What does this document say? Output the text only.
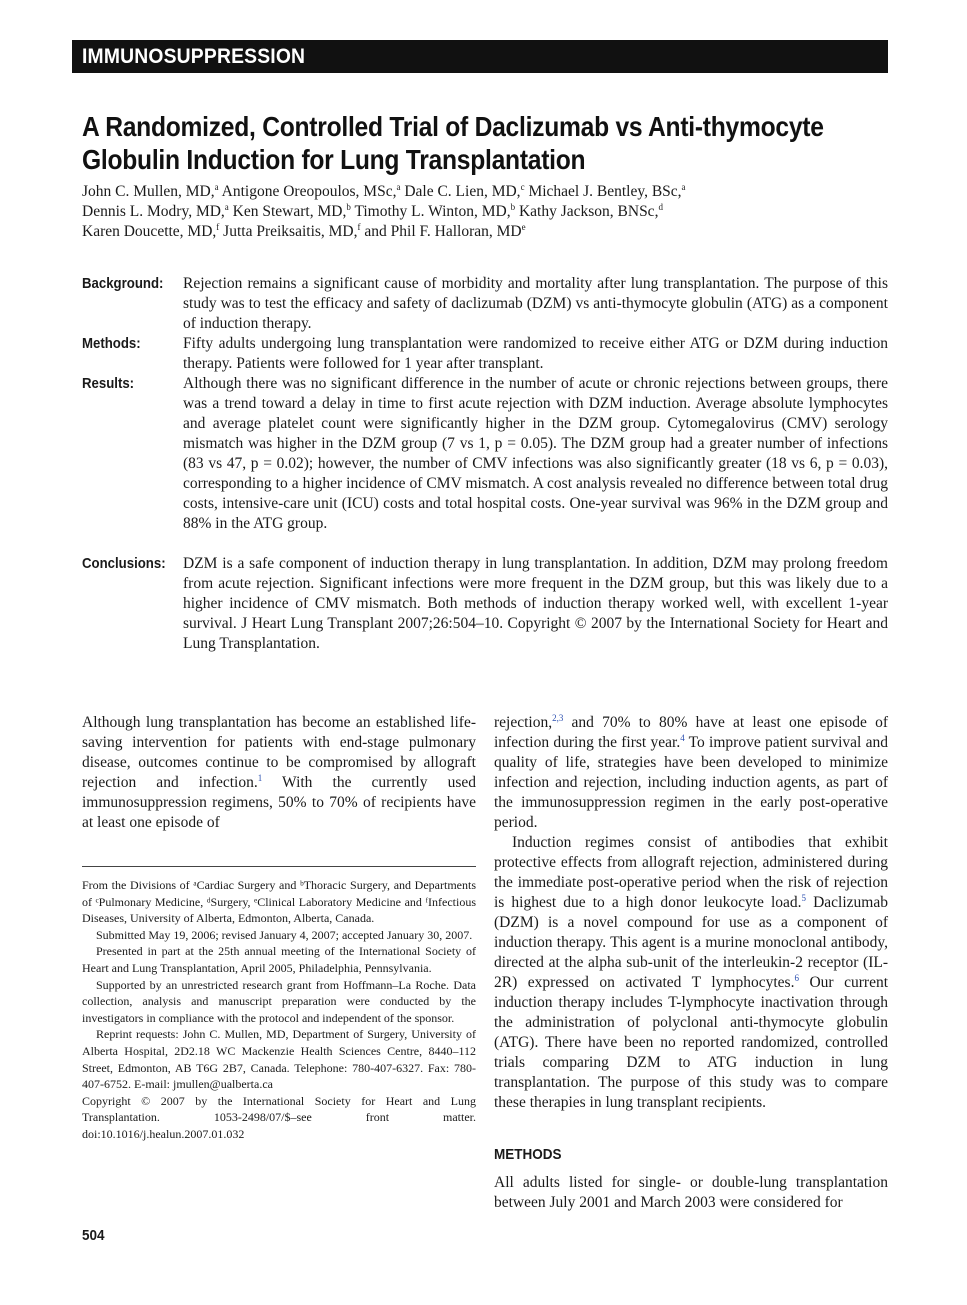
IMMUNOSUPPRESSION
A Randomized, Controlled Trial of Daclizumab vs Anti-thymocyte
Globulin Induction for Lung Transplantation
John C. Mullen, MD,$^a$ Antigone Oreopoulos, MSc,$^a$ Dale C. Lien, MD,$^c$ Michael J. Bentley, BSc,$^a$
Dennis L. Modry, MD,$^a$ Ken Stewart, MD,$^b$ Timothy L. Winton, MD,$^b$ Kathy Jackson, BNSc,$^d$
Karen Doucette, MD,$^f$ Jutta Preiksaitis, MD,$^f$ and Phil F. Halloran, MDe
Background: Rejection remains a significant cause of morbidity and mortality after lung transplantation. The purpose of this study was to test the efficacy and safety of daclizumab (DZM) vs anti-thymocyte globulin (ATG) as a component of induction therapy.
Methods:	Fifty adults undergoing lung transplantation were randomized to receive either ATG or DZM during induction therapy. Patients were followed for 1 year after transplant.
Results:	Although there was no significant difference in the number of acute or chronic rejections between groups, there was a trend toward a delay in time to first acute rejection with DZM induction. Average absolute lymphocytes and average platelet count were significantly higher in the DZM group. Cytomegalovirus (CMV) serology mismatch was higher in the DZM group (7 vs 1, p = 0.05). The DZM group had a greater number of infections (83 vs 47, p = 0.02); however, the number of CMV infections was also significantly greater (18 vs 6, p = 0.03), corresponding to a higher incidence of CMV mismatch. A cost analysis revealed no difference between total drug costs, intensive-care unit (ICU) costs and total hospital costs. One-year survival was 96% in the DZM group and 88% in the ATG group.
Conclusions: DZM is a safe component of induction therapy in lung transplantation. In addition, DZM may prolong freedom from acute rejection. Significant infections were more frequent in the DZM group, but this was likely due to a higher incidence of CMV mismatch. Both methods of induction therapy worked well, with excellent 1-year survival. J Heart Lung Transplant 2007;26:504–10. Copyright © 2007 by the International Society for Heart and Lung Transplantation.

Although lung transplantation has become an established life-saving intervention for patients with end-stage pulmonary disease, outcomes continue to be compromised by allograft rejection and infection.$^1$ With the currently used immunosuppression regimens, 50% to 70% of recipients have at least one episode of

From the Divisions of ᵃCardiac Surgery and ᵇThoracic Surgery, and Departments of ᶜPulmonary Medicine, ᵈSurgery, ᵉClinical Laboratory Medicine and ᶠInfectious Diseases, University of Alberta, Edmonton, Alberta, Canada.

Submitted May 19, 2006; revised January 4, 2007; accepted January 30, 2007.

Presented in part at the 25th annual meeting of the International Society of Heart and Lung Transplantation, April 2005, Philadelphia, Pennsylvania.

Supported by an unrestricted research grant from Hoffmann–La Roche. Data collection, analysis and manuscript preparation were conducted by the investigators in compliance with the protocol and independent of the sponsor.

Reprint requests: John C. Mullen, MD, Department of Surgery, University of Alberta Hospital, 2D2.18 WC Mackenzie Health Sciences Centre, 8440–112 Street, Edmonton, AB T6G 2B7, Canada. Telephone: 780-407-6327. Fax: 780-407-6752. E-mail: jmullen@ualberta.ca

Copyright © 2007 by the International Society for Heart and Lung Transplantation. 1053-2498/07/$–see front matter. doi:10.1016/j.healun.2007.01.032

rejection,$^{2,3}$ and 70% to 80% have at least one episode of infection during the first year.$^4$ To improve patient survival and quality of life, strategies have been developed to minimize infection and rejection, including induction agents, as part of the immunosuppression regimen in the early post-operative period.

Induction regimes consist of antibodies that exhibit protective effects from allograft rejection, administered during the immediate post-operative period when the risk of rejection is highest due to a high donor leukocyte load.$^5$ Daclizumab (DZM) is a novel compound for use as a component of induction therapy. This agent is a murine monoclonal antibody, directed at the alpha sub-unit of the interleukin-2 receptor (IL-2R) expressed on activated T lymphocytes.$^6$ Our current induction therapy includes T-lymphocyte inactivation through the administration of polyclonal anti-thymocyte globulin (ATG). There have been no reported randomized, controlled trials comparing DZM to ATG induction in lung transplantation. The purpose of this study was to compare these therapies in lung transplant recipients.

METHODS

All adults listed for single- or double-lung transplantation between July 2001 and March 2003 were considered for

504
